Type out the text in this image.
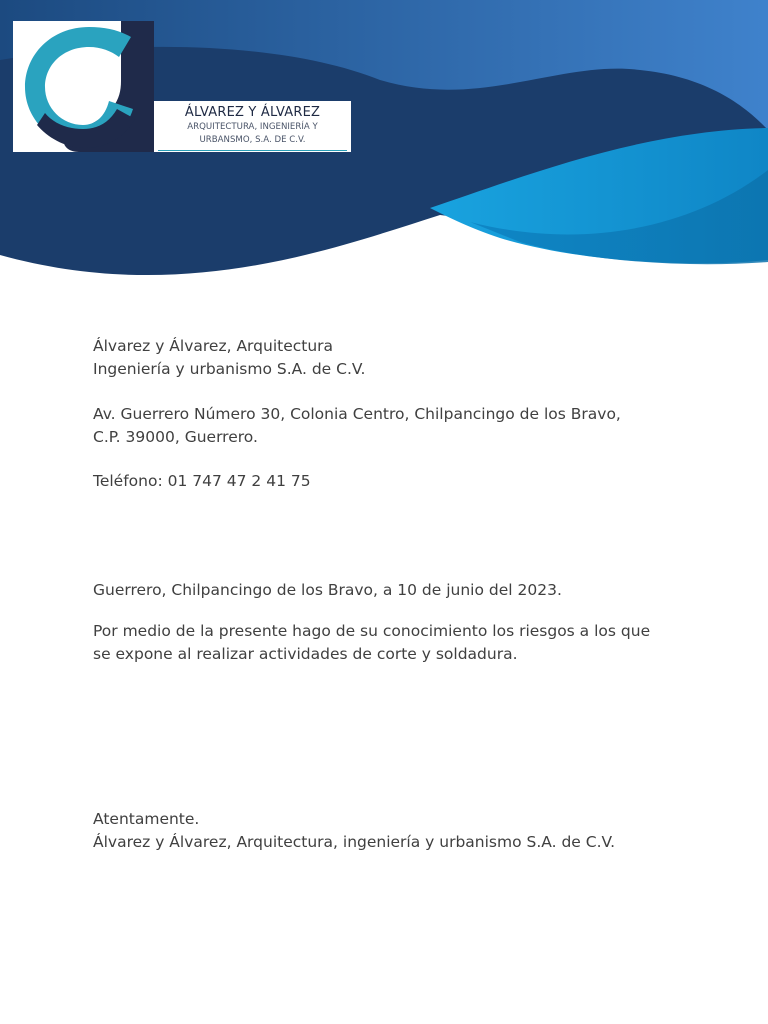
ÁLVAREZ Y ÁLVAREZ
ARQUITECTURA, INGENIERÍA Y
URBANSMO, S.A. DE C.V.
Álvarez y Álvarez, Arquitectura
Ingeniería y urbanismo S.A. de C.V.
Av. Guerrero Número 30, Colonia Centro, Chilpancingo de los Bravo,
C.P. 39000, Guerrero.
Teléfono: 01 747 47 2 41 75
Guerrero, Chilpancingo de los Bravo, a 10 de junio del 2023.
Por medio de la presente hago de su conocimiento los riesgos a los que
se expone al realizar actividades de corte y soldadura.
Atentamente.
Álvarez y Álvarez, Arquitectura, ingeniería y urbanismo S.A. de C.V.
